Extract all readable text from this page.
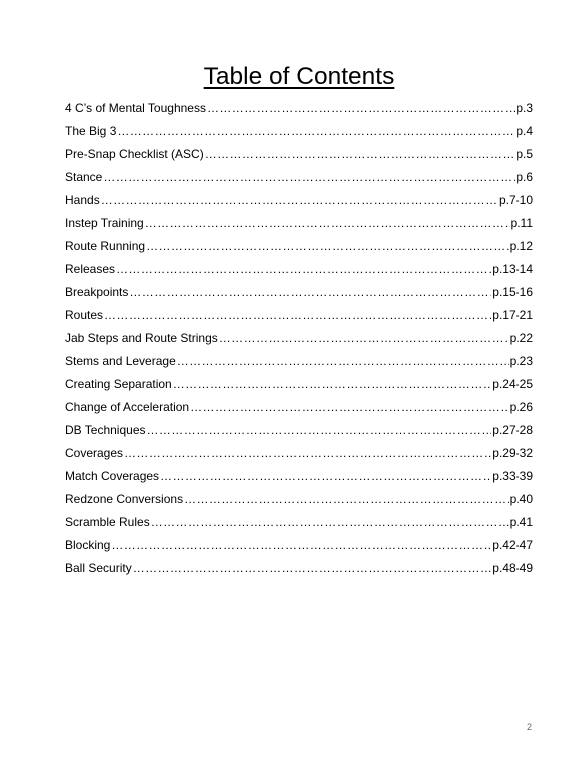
Table of Contents
4 C’s of Mental Toughness ………………………………………………………………………………………………………………………………………………………………	p.3
The Big 3 ………………………………………………………………………………………………………………………………………………………………	p.4
Pre-Snap Checklist (ASC) ………………………………………………………………………………………………………………………………………………………………	p.5
Stance ………………………………………………………………………………………………………………………………………………………………	p.6
Hands ………………………………………………………………………………………………………………………………………………………………	p.7-10
Instep Training ………………………………………………………………………………………………………………………………………………………………	p.11
Route Running ………………………………………………………………………………………………………………………………………………………………	p.12
Releases ………………………………………………………………………………………………………………………………………………………………	p.13-14
Breakpoints ………………………………………………………………………………………………………………………………………………………………	p.15-16
Routes ………………………………………………………………………………………………………………………………………………………………	p.17-21
Jab Steps and Route Strings ………………………………………………………………………………………………………………………………………………………………	p.22
Stems and Leverage ………………………………………………………………………………………………………………………………………………………………	p.23
Creating Separation ………………………………………………………………………………………………………………………………………………………………	p.24-25
Change of Acceleration ………………………………………………………………………………………………………………………………………………………………	p.26
DB Techniques ………………………………………………………………………………………………………………………………………………………………	p.27-28
Coverages ………………………………………………………………………………………………………………………………………………………………	p.29-32
Match Coverages ………………………………………………………………………………………………………………………………………………………………	p.33-39
Redzone Conversions ………………………………………………………………………………………………………………………………………………………………	p.40
Scramble Rules ………………………………………………………………………………………………………………………………………………………………	p.41
Blocking ………………………………………………………………………………………………………………………………………………………………	p.42-47
Ball Security ………………………………………………………………………………………………………………………………………………………………	p.48-49
2
